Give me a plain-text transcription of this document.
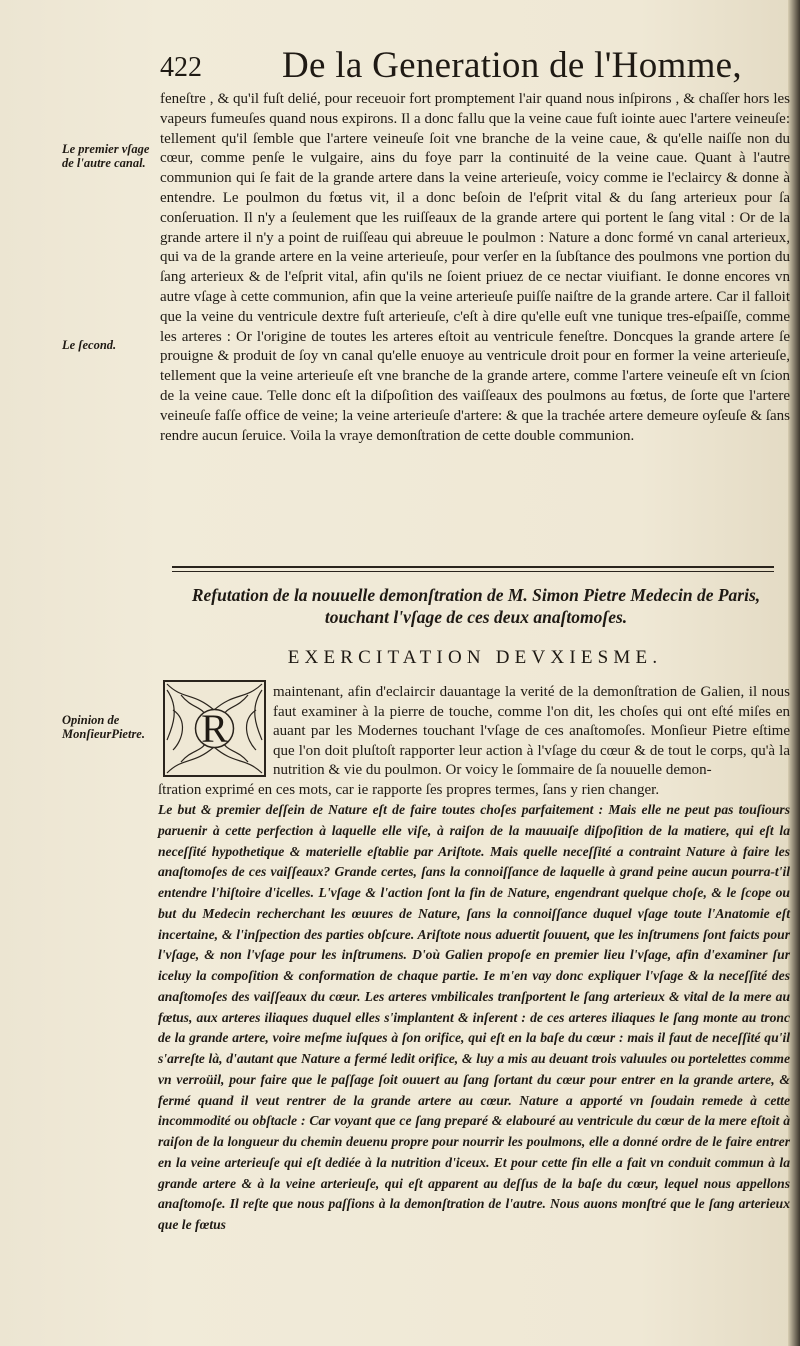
422 De la Generation de l'Homme,
Le premier vſage de l'autre canal.
Le ſecond.
Opinion de MonſieurPietre.

feneſtre , & qu'il fuſt delié, pour receuoir fort promptement l'air quand nous inſpirons , & chaſſer hors les vapeurs fumeuſes quand nous expirons. Il a donc fallu que la veine caue fuſt iointe auec l'artere veineuſe: tellement qu'il ſemble que l'artere veineuſe ſoit vne branche de la veine caue, & qu'elle naiſſe non du cœur, comme penſe le vulgaire, ains du foye parr la continuité de la veine caue. Quant à l'autre communion qui ſe fait de la grande artere dans la veine arterieuſe, voicy comme ie l'eclaircy & donne à entendre. Le poulmon du fœtus vit, il a donc beſoin de l'eſprit vital & du ſang arterieux pour ſa conſeruation. Il n'y a ſeulement que les ruiſſeaux de la grande artere qui portent le ſang vital : Or de la grande artere il n'y a point de ruiſſeau qui abreuue le poulmon : Nature a donc formé vn canal arterieux, qui va de la grande artere en la veine arterieuſe, pour verſer en la ſubſtance des poulmons vne portion du ſang arterieux & de l'eſprit vital, afin qu'ils ne ſoient priuez de ce nectar viuifiant. Ie donne encores vn autre vſage à cette communion, afin que la veine arterieuſe puiſſe naiſtre de la grande artere. Car il falloit que la veine du ventricule dextre fuſt arterieuſe, c'eſt à dire qu'elle euſt vne tunique tres-eſpaiſſe, comme les arteres : Or l'origine de toutes les arteres eſtoit au ventricule feneſtre. Doncques la grande artere ſe prouigne & produit de ſoy vn canal qu'elle enuoye au ventricule droit pour en former la veine arterieuſe, tellement que la veine arterieuſe eſt vne branche de la grande artere, comme l'artere veineuſe eſt vn ſcion de la veine caue. Telle donc eſt la diſpoſition des vaiſſeaux des poulmons au fœtus, de ſorte que l'artere veineuſe faſſe office de veine; la veine arterieuſe d'artere: & que la trachée artere demeure oyſeuſe & ſans rendre aucun ſeruice. Voila la vraye demonſtration de cette double communion.

Refutation de la nouuelle demonſtration de M. Simon Pietre Medecin de Paris, touchant l'vſage de ces deux anaſtomoſes.
EXERCITATION DEVXIESME.
R

maintenant, afin d'eclaircir dauantage la verité de la demonſtration de Galien, il nous faut examiner à la pierre de touche, comme l'on dit, les choſes qui ont eſté miſes en auant par les Modernes touchant l'vſage de ces anaſtomoſes. Monſieur Pietre eſtime que l'on doit pluſtoſt rapporter leur action à l'vſage du cœur & de tout le corps, qu'à la nutrition & vie du poulmon. Or voicy le ſommaire de ſa nouuelle demon-

ſtration exprimé en ces mots, car ie rapporte ſes propres termes, ſans y rien changer.

Le but & premier deſſein de Nature eſt de faire toutes choſes parfaitement : Mais elle ne peut pas touſiours paruenir à cette perfection à laquelle elle viſe, à raiſon de la mauuaiſe diſpoſition de la matiere, qui eſt la neceſſité hypothetique & materielle eſtablie par Ariſtote. Mais quelle neceſſité a contraint Nature à faire les anaſtomoſes de ces vaiſſeaux? Grande certes, ſans la connoiſſance de laquelle à grand peine aucun pourra-t'il entendre l'hiſtoire d'icelles. L'vſage & l'action ſont la fin de Nature, engendrant quelque choſe, & le ſcope ou but du Medecin recherchant les œuures de Nature, ſans la connoiſſance duquel vſage toute l'Anatomie eſt incertaine, & l'inſpection des parties obſcure. Ariſtote nous aduertit ſouuent, que les inſtrumens ſont faicts pour l'vſage, & non l'vſage pour les inſtrumens. D'où Galien propoſe en premier lieu l'vſage, afin d'examiner ſur iceluy la compoſition & conformation de chaque partie. Ie m'en vay donc expliquer l'vſage & la neceſſité des anaſtomoſes des vaiſſeaux du cœur. Les arteres vmbilicales tranſportent le ſang arterieux & vital de la mere au fœtus, aux arteres iliaques duquel elles s'implantent & inſerent : de ces arteres iliaques le ſang monte au tronc de la grande artere, voire meſme iuſques à ſon orifice, qui eſt en la baſe du cœur : mais il faut de neceſſité qu'il s'arreſte là, d'autant que Nature a fermé ledit orifice, & luy a mis au deuant trois valuules ou portelettes comme vn verroüil, pour faire que le paſſage ſoit ouuert au ſang ſortant du cœur pour entrer en la grande artere, & fermé quand il veut rentrer de la grande artere au cœur. Nature a apporté vn ſoudain remede à cette incommodité ou obſtacle : Car voyant que ce ſang preparé & elabouré au ventricule du cœur de la mere eſtoit à raiſon de la longueur du chemin deuenu propre pour nourrir les poulmons, elle a donné ordre de le faire entrer en la veine arterieuſe qui eſt dediée à la nutrition d'iceux. Et pour cette fin elle a fait vn conduit commun à la grande artere & à la veine arterieuſe, qui eſt apparent au deſſus de la baſe du cœur, lequel nous appellons anaſtomoſe. Il reſte que nous paſſions à la demonſtration de l'autre. Nous auons monſtré que le ſang arterieux que le fœtus
